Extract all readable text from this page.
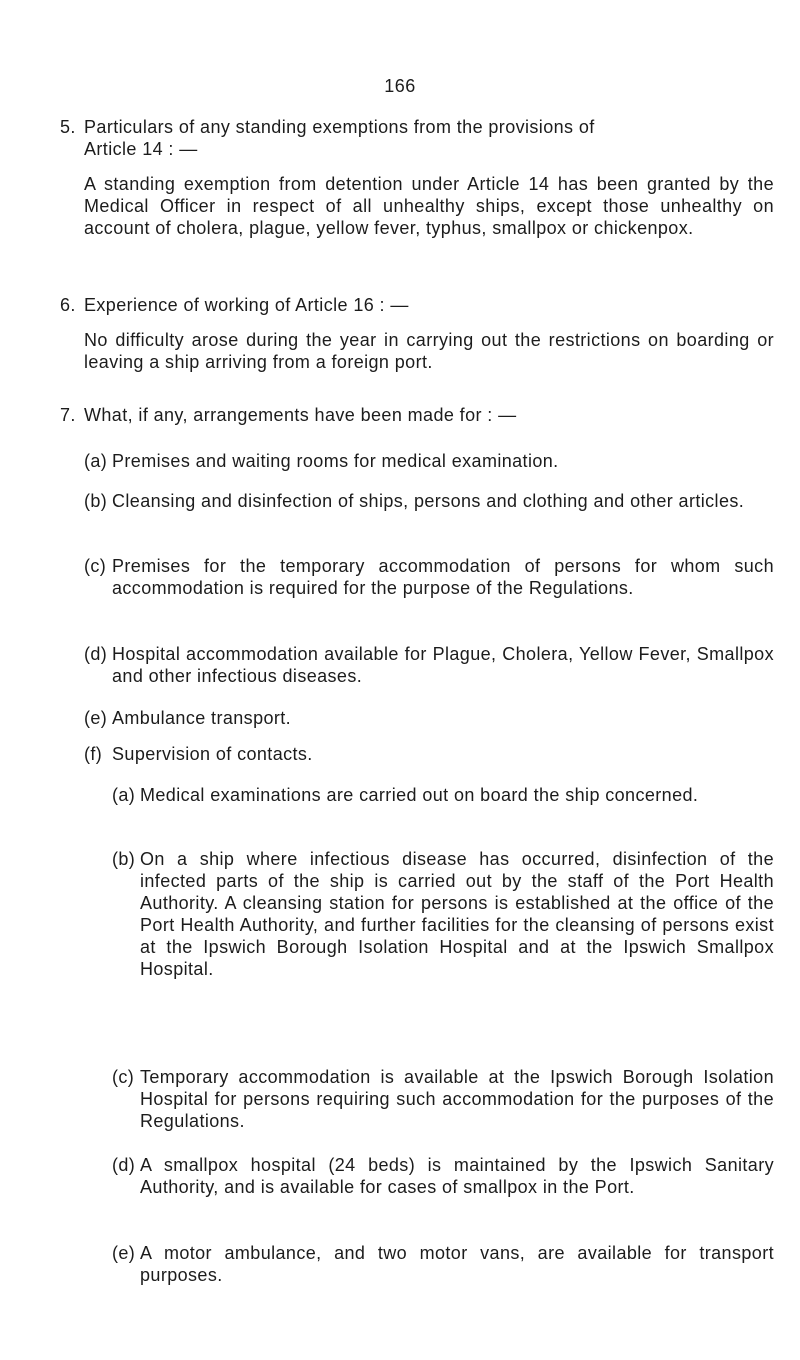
166
5. Particulars of any standing exemptions from the provisions of Article 14 : —
A standing exemption from detention under Article 14 has been granted by the Medical Officer in respect of all unhealthy ships, except those unhealthy on account of cholera, plague, yellow fever, typhus, smallpox or chickenpox.
6. Experience of working of Article 16 : —
No difficulty arose during the year in carrying out the restrictions on boarding or leaving a ship arriving from a foreign port.
7. What, if any, arrangements have been made for : —
(a) Premises and waiting rooms for medical examination.
(b) Cleansing and disinfection of ships, persons and clothing and other articles.
(c) Premises for the temporary accommodation of persons for whom such accommodation is required for the purpose of the Regulations.
(d) Hospital accommodation available for Plague, Cholera, Yellow Fever, Smallpox and other infectious diseases.
(e) Ambulance transport.
(f) Supervision of contacts.
(a) Medical examinations are carried out on board the ship concerned.
(b) On a ship where infectious disease has occurred, disinfection of the infected parts of the ship is carried out by the staff of the Port Health Authority. A cleansing station for persons is established at the office of the Port Health Authority, and further facilities for the cleansing of persons exist at the Ipswich Borough Isolation Hospital and at the Ipswich Smallpox Hospital.
(c) Temporary accommodation is available at the Ipswich Borough Isolation Hospital for persons requiring such accommodation for the purposes of the Regulations.
(d) A smallpox hospital (24 beds) is maintained by the Ipswich Sanitary Authority, and is available for cases of smallpox in the Port.
(e) A motor ambulance, and two motor vans, are available for transport purposes.
